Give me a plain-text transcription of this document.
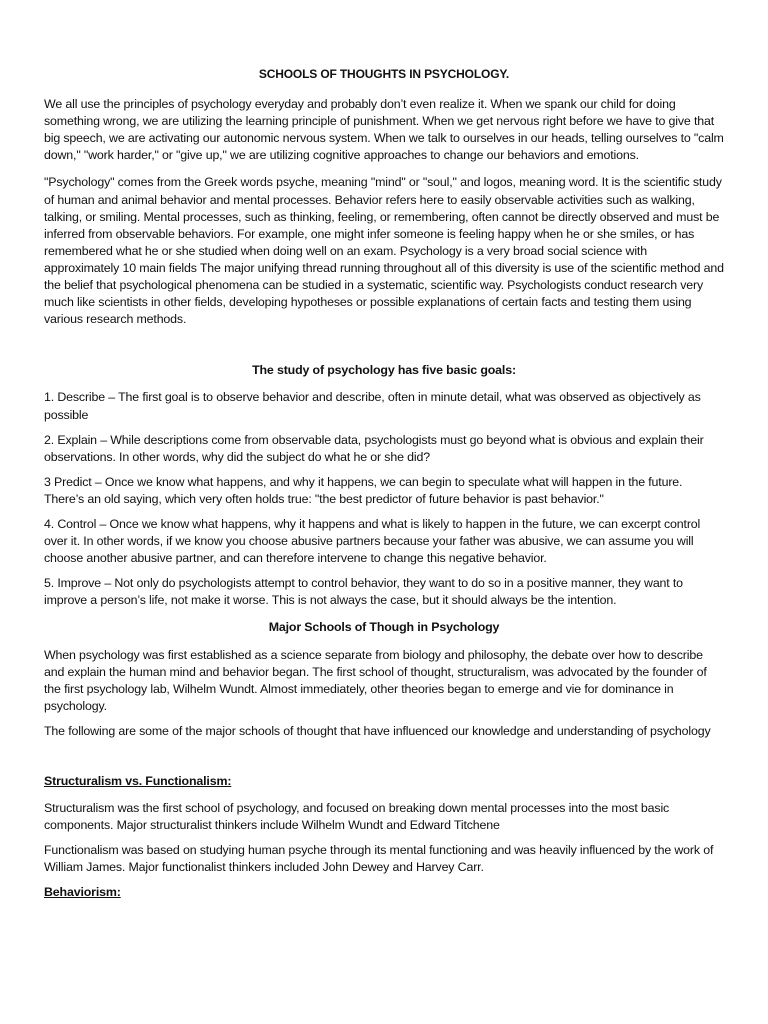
SCHOOLS OF THOUGHTS IN PSYCHOLOGY.

We all use the principles of psychology everyday and probably don’t even realize it. When we spank our child for doing something wrong, we are utilizing the learning principle of punishment. When we get nervous right before we have to give that big speech, we are activating our autonomic nervous system. When we talk to ourselves in our heads, telling ourselves to "calm down," "work harder," or "give up," we are utilizing cognitive approaches to change our behaviors and emotions.

"Psychology" comes from the Greek words psyche, meaning "mind" or "soul," and logos, meaning word. It is the scientific study of human and animal behavior and mental processes. Behavior refers here to easily observable activities such as walking, talking, or smiling. Mental processes, such as thinking, feeling, or remembering, often cannot be directly observed and must be inferred from observable behaviors. For example, one might infer someone is feeling happy when he or she smiles, or has remembered what he or she studied when doing well on an exam. Psychology is a very broad social science with approximately 10 main fields The major unifying thread running throughout all of this diversity is use of the scientific method and the belief that psychological phenomena can be studied in a systematic, scientific way. Psychologists conduct research very much like scientists in other fields, developing hypotheses or possible explanations of certain facts and testing them using various research methods.

The study of psychology has five basic goals:

1. Describe – The first goal is to observe behavior and describe, often in minute detail, what was observed as objectively as possible

2. Explain – While descriptions come from observable data, psychologists must go beyond what is obvious and explain their observations. In other words, why did the subject do what he or she did?

3 Predict – Once we know what happens, and why it happens, we can begin to speculate what will happen in the future. There’s an old saying, which very often holds true: "the best predictor of future behavior is past behavior."

4. Control – Once we know what happens, why it happens and what is likely to happen in the future, we can excerpt control over it. In other words, if we know you choose abusive partners because your father was abusive, we can assume you will choose another abusive partner, and can therefore intervene to change this negative behavior.

5. Improve – Not only do psychologists attempt to control behavior, they want to do so in a positive manner, they want to improve a person’s life, not make it worse. This is not always the case, but it should always be the intention.

Major Schools of Though in Psychology

When psychology was first established as a science separate from biology and philosophy, the debate over how to describe and explain the human mind and behavior began. The first school of thought, structuralism, was advocated by the founder of the first psychology lab, Wilhelm Wundt. Almost immediately, other theories began to emerge and vie for dominance in psychology.

The following are some of the major schools of thought that have influenced our knowledge and understanding of psychology

Structuralism vs. Functionalism:

Structuralism was the first school of psychology, and focused on breaking down mental processes into the most basic components. Major structuralist thinkers include Wilhelm Wundt and Edward Titchene

Functionalism was based on studying human psyche through its mental functioning and was heavily influenced by the work of William James. Major functionalist thinkers included John Dewey and Harvey Carr.

Behaviorism:
